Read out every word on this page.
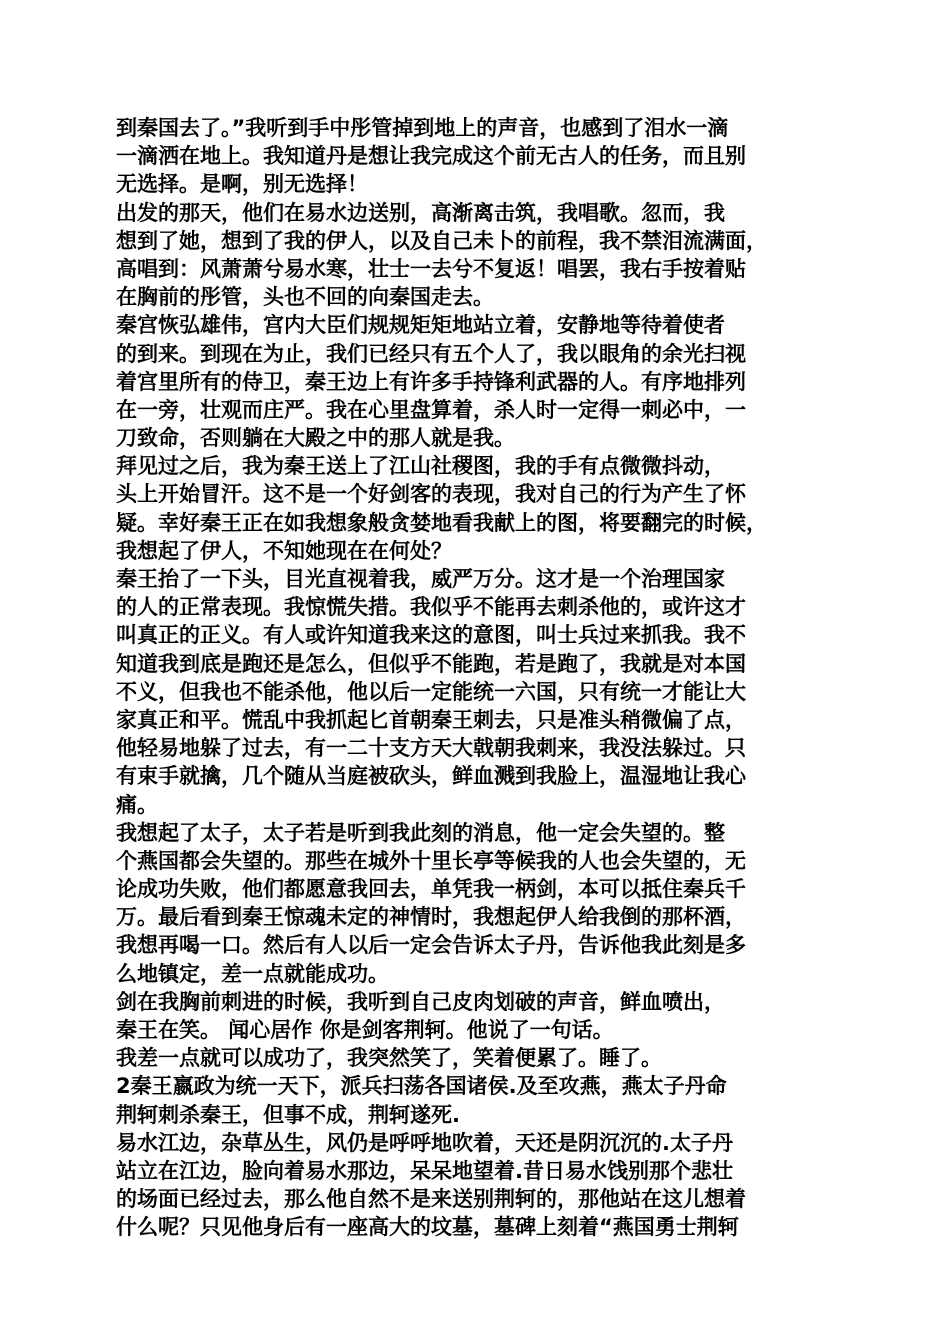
到秦国去了。”我听到手中彤管掉到地上的声音，也感到了泪水一滴
一滴洒在地上。我知道丹是想让我完成这个前无古人的任务，而且别
无选择。是啊，别无选择！
出发的那天，他们在易水边送别，高渐离击筑，我唱歌。忽而，我
想到了她，想到了我的伊人，以及自己未卜的前程，我不禁泪流满面，
高唱到：风萧萧兮易水寒，壮士一去兮不复返！唱罢，我右手按着贴
在胸前的彤管，头也不回的向秦国走去。
秦宫恢弘雄伟，宫内大臣们规规矩矩地站立着，安静地等待着使者
的到来。到现在为止，我们已经只有五个人了，我以眼角的余光扫视
着宫里所有的侍卫，秦王边上有许多手持锋利武器的人。有序地排列
在一旁，壮观而庄严。我在心里盘算着，杀人时一定得一刺必中，一
刀致命，否则躺在大殿之中的那人就是我。
拜见过之后，我为秦王送上了江山社稷图，我的手有点微微抖动，
头上开始冒汗。这不是一个好剑客的表现，我对自己的行为产生了怀
疑。幸好秦王正在如我想象般贪婪地看我献上的图，将要翻完的时候，
我想起了伊人，不知她现在在何处？
秦王抬了一下头，目光直视着我，威严万分。这才是一个治理国家
的人的正常表现。我惊慌失措。我似乎不能再去刺杀他的，或许这才
叫真正的正义。有人或许知道我来这的意图，叫士兵过来抓我。我不
知道我到底是跑还是怎么，但似乎不能跑，若是跑了，我就是对本国
不义，但我也不能杀他，他以后一定能统一六国，只有统一才能让大
家真正和平。慌乱中我抓起匕首朝秦王刺去，只是准头稍微偏了点，
他轻易地躲了过去，有一二十支方天大戟朝我刺来，我没法躲过。只
有束手就擒，几个随从当庭被砍头，鲜血溅到我脸上，温湿地让我心
痛。
我想起了太子，太子若是听到我此刻的消息，他一定会失望的。整
个燕国都会失望的。那些在城外十里长亭等候我的人也会失望的，无
论成功失败，他们都愿意我回去，单凭我一柄剑，本可以抵住秦兵千
万。最后看到秦王惊魂未定的神情时，我想起伊人给我倒的那杯酒，
我想再喝一口。然后有人以后一定会告诉太子丹，告诉他我此刻是多
么地镇定，差一点就能成功。
剑在我胸前刺进的时候，我听到自己皮肉划破的声音，鲜血喷出，
秦王在笑。 闻心居作 你是剑客荆轲。他说了一句话。
我差一点就可以成功了，我突然笑了，笑着便累了。睡了。
2秦王嬴政为统一天下，派兵扫荡各国诸侯.及至攻燕，燕太子丹命
荆轲刺杀秦王，但事不成，荆轲遂死.
易水江边，杂草丛生，风仍是呼呼地吹着，天还是阴沉沉的.太子丹
站立在江边，脸向着易水那边，呆呆地望着.昔日易水饯别那个悲壮
的场面已经过去，那么他自然不是来送别荆轲的，那他站在这儿想着
什么呢？只见他身后有一座高大的坟墓，墓碑上刻着“燕国勇士荆轲
